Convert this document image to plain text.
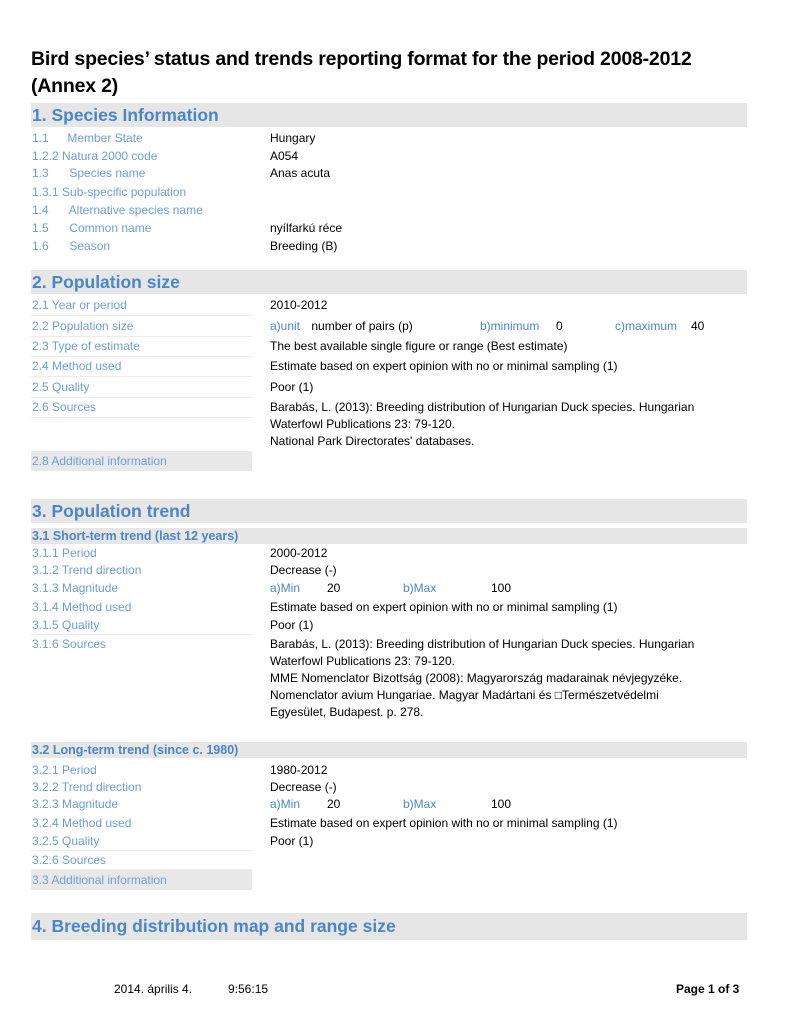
Bird species’ status and trends reporting format for the period 2008-2012
(Annex 2)
1. Species Information
1.1 Member State	Hungary
1.2.2 Natura 2000 code	A054
1.3 Species name	Anas acuta
1.3.1 Sub-specific population
1.4 Alternative species name
1.5 Common name	nyílfarkú réce
1.6 Season	Breeding (B)
2. Population size
2.1 Year or period	2010-2012
2.2 Population size	a)unit number of pairs (p)	b)minimum 0	c)maximum 40
2.3 Type of estimate	The best available single figure or range (Best estimate)
2.4 Method used	Estimate based on expert opinion with no or minimal sampling (1)
2.5 Quality	Poor (1)
2.6 Sources	Barabás, L. (2013): Breeding distribution of Hungarian Duck species. Hungarian
Waterfowl Publications 23: 79-120.
National Park Directorates' databases.
2.8 Additional information
3. Population trend
3.1 Short-term trend (last 12 years)
3.1.1 Period	2000-2012
3.1.2 Trend direction	Decrease (-)
3.1.3 Magnitude	a)Min 20	b)Max	100
3.1.4 Method used	Estimate based on expert opinion with no or minimal sampling (1)
3.1.5 Quality	Poor (1)
3.1.6 Sources	Barabás, L. (2013): Breeding distribution of Hungarian Duck species. Hungarian
Waterfowl Publications 23: 79-120.
MME Nomenclator Bizottság (2008): Magyarország madarainak névjegyzéke.
Nomenclator avium Hungariae. Magyar Madártani és □Természetvédelmi
Egyesület, Budapest. p. 278.
3.2 Long-term trend (since c. 1980)
3.2.1 Period	1980-2012
3.2.2 Trend direction	Decrease (-)
3.2.3 Magnitude	a)Min 20	b)Max	100
3.2.4 Method used	Estimate based on expert opinion with no or minimal sampling (1)
3.2.5 Quality	Poor (1)
3.2.6 Sources
3.3 Additional information
4. Breeding distribution map and range size
2014. április 4.	9:56:15	Page 1 of 3
